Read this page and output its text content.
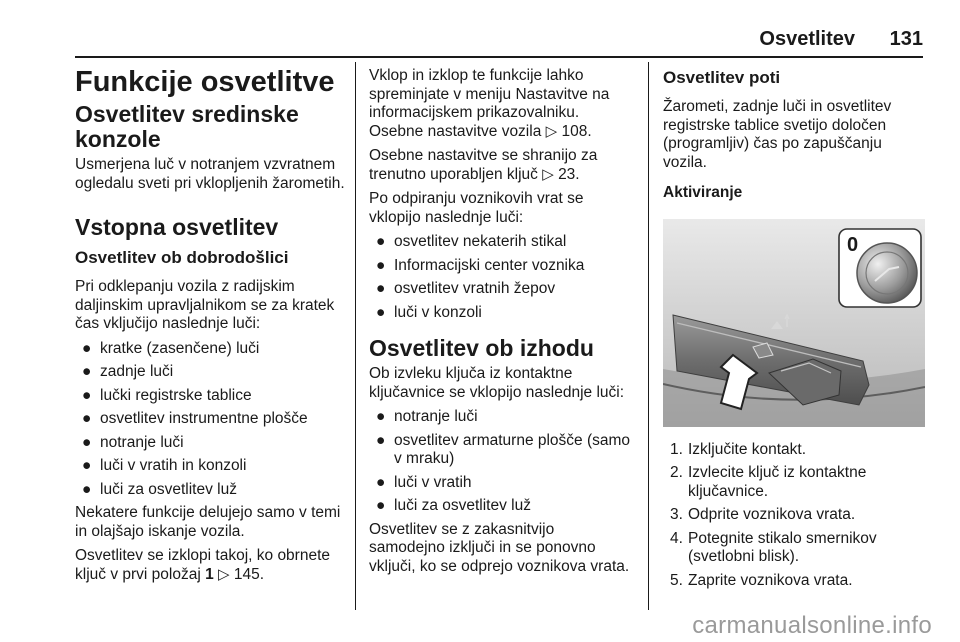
Osvetlitev 131
Funkcije osvetlitve
Osvetlitev sredinske konzole

Usmerjena luč v notranjem vzvratnem ogledalu sveti pri vklopljenih žarometih.

Vstopna osvetlitev
Osvetlitev ob dobrodošlici

Pri odklepanju vozila z radijskim daljinskim upravljalnikom se za kratek čas vključijo naslednje luči:

● kratke (zasenčene) luči
● zadnje luči
● lučki registrske tablice
● osvetlitev instrumentne plošče
● notranje luči
● luči v vratih in konzoli
● luči za osvetlitev luž

Nekatere funkcije delujejo samo v temi in olajšajo iskanje vozila.

Osvetlitev se izklopi takoj, ko obrnete ključ v prvi položaj 1 ▷ 145.

Vklop in izklop te funkcije lahko spreminjate v meniju Nastavitve na informacijskem prikazovalniku. Osebne nastavitve vozila ▷ 108.

Osebne nastavitve se shranijo za trenutno uporabljen ključ ▷ 23.

Po odpiranju voznikovih vrat se vklopijo naslednje luči:

● osvetlitev nekaterih stikal
● Informacijski center voznika
● osvetlitev vratnih žepov
● luči v konzoli
Osvetlitev ob izhodu

Ob izvleku ključa iz kontaktne ključavnice se vklopijo naslednje luči:

● notranje luči
● osvetlitev armaturne plošče (samo v mraku)
● luči v vratih
● luči za osvetlitev luž

Osvetlitev se z zakasnitvijo samodejno izključi in se ponovno vključi, ko se odprejo voznikova vrata.

Osvetlitev poti

Žarometi, zadnje luči in osvetlitev registrske tablice svetijo določen (programljiv) čas po zapuščanju vozila.

Aktiviranje
0
1. Izključite kontakt.
2. Izvlecite ključ iz kontaktne ključavnice.
3. Odprite voznikova vrata.
4. Potegnite stikalo smernikov (svetlobni blisk).
5. Zaprite voznikova vrata.
carmanualsonline.info
